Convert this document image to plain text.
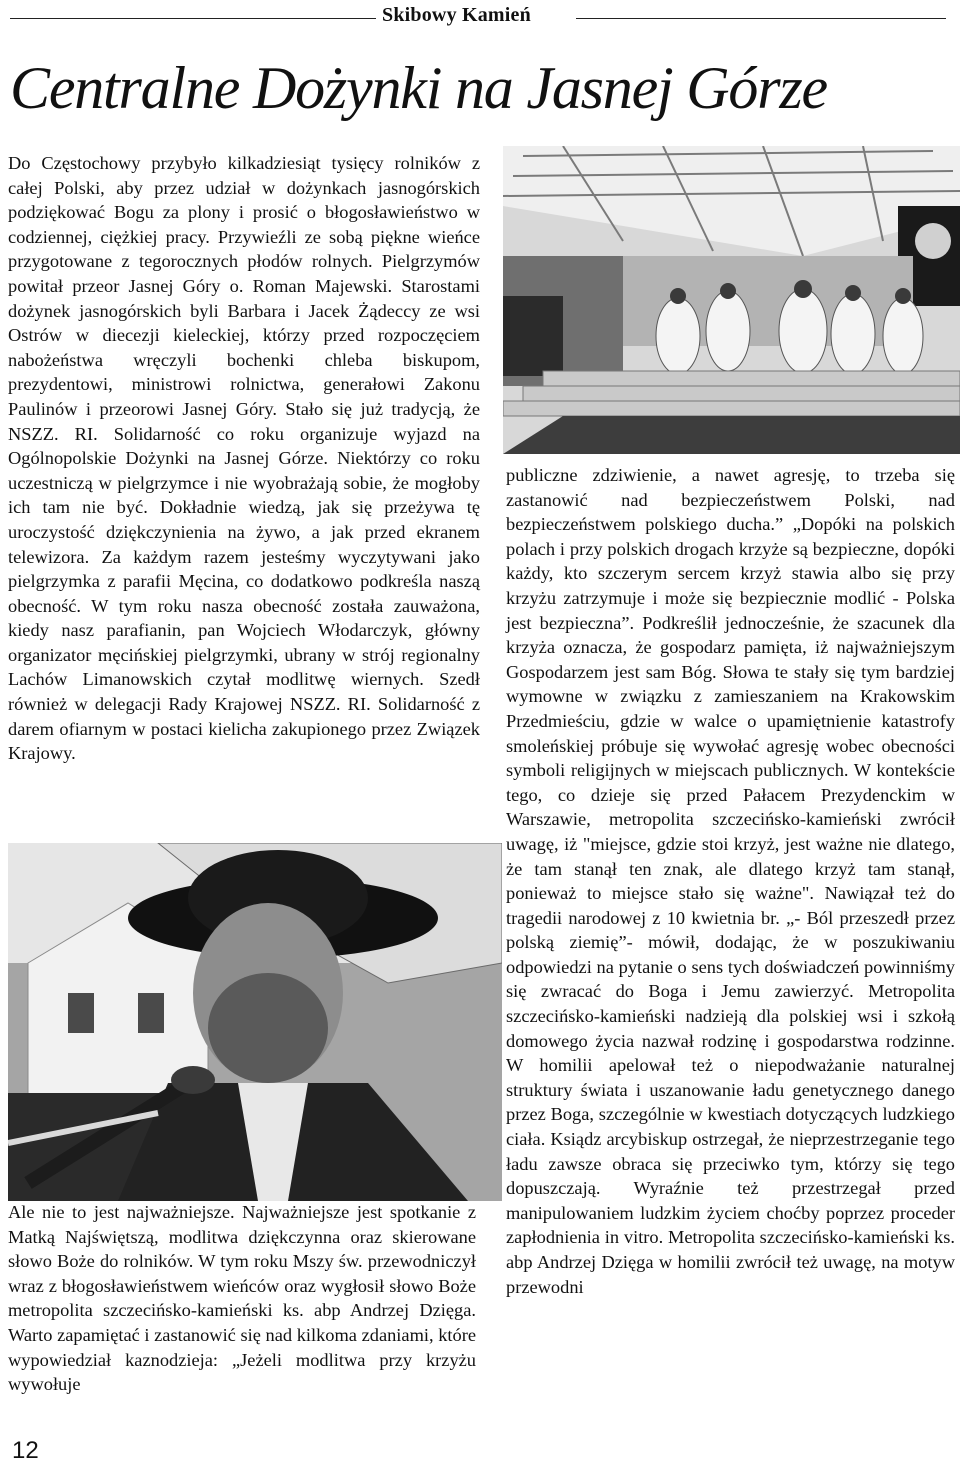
Skibowy Kamień
Centralne Dożynki na Jasnej Górze
Do Częstochowy przybyło kilkadziesiąt tysięcy rolników z całej Polski, aby przez udział w dożynkach jasnogórskich podziękować Bogu za plony i prosić o błogosławieństwo w codziennej, ciężkiej pracy. Przywieźli ze sobą piękne wieńce przygotowane z tegorocznych płodów rolnych. Pielgrzymów powitał przeor Jasnej Góry o. Roman Majewski. Starostami dożynek jasnogórskich byli Barbara i Jacek Żądeccy ze wsi Ostrów w diecezji kieleckiej, którzy przed rozpoczęciem nabożeństwa wręczyli bochenki chleba biskupom, prezydentowi, ministrowi rolnictwa, generałowi Zakonu Paulinów i przeorowi Jasnej Góry. Stało się już tradycją, że NSZZ. RI. Solidarność co roku organizuje wyjazd na Ogólnopolskie Dożynki na Jasnej Górze. Niektórzy co roku uczestniczą w pielgrzymce i nie wyobrażają sobie, że mogłoby ich tam nie być. Dokładnie wiedzą, jak się przeżywa tę uroczystość dziękczynienia na żywo, a jak przed ekranem telewizora. Za każdym razem jesteśmy wyczytywani jako pielgrzymka z parafii Męcina, co dodatkowo podkreśla naszą obecność. W tym roku nasza obecność została zauważona, kiedy nasz parafianin, pan Wojciech Włodarczyk, główny organizator męcińskiej pielgrzymki, ubrany w strój regionalny Lachów Limanowskich czytał modlitwę wiernych. Szedł również w delegacji Rady Krajowej NSZZ. RI. Solidarność z darem ofiarnym w postaci kielicha zakupionego przez Związek Krajowy.
Ale nie to jest najważniejsze. Najważniejsze jest spotkanie z Matką Najświętszą, modlitwa dziękczynna oraz skierowane słowo Boże do rolników. W tym roku Mszy św. przewodniczył wraz z błogosławieństwem wieńców oraz wygłosił słowo Boże metropolita szczecińsko-kamieński ks. abp Andrzej Dzięga. Warto zapamiętać i zastanowić się nad kilkoma zdaniami, które wypowiedział kaznodzieja: „Jeżeli modlitwa przy krzyżu wywołuje
publiczne zdziwienie, a nawet agresję, to trzeba się zastanowić nad bezpieczeństwem Polski, nad bezpieczeństwem polskiego ducha.” „Dopóki na polskich polach i przy polskich drogach krzyże są bezpieczne, dopóki każdy, kto szczerym sercem krzyż stawia albo się przy krzyżu zatrzymuje i może się bezpiecznie modlić - Polska jest bezpieczna”. Podkreślił jednocześnie, że szacunek dla krzyża oznacza, że gospodarz pamięta, iż najważniejszym Gospodarzem jest sam Bóg. Słowa te stały się tym bardziej wymowne w związku z zamieszaniem na Krakowskim Przedmieściu, gdzie w walce o upamiętnienie katastrofy smoleńskiej próbuje się wywołać agresję wobec obecności symboli religijnych w miejscach publicznych. W kontekście tego, co dzieje się przed Pałacem Prezydenckim w Warszawie, metropolita szczecińsko-kamieński zwrócił uwagę, iż "miejsce, gdzie stoi krzyż, jest ważne nie dlatego, że tam stanął ten znak, ale dlatego krzyż tam stanął, ponieważ to miejsce stało się ważne". Nawiązał też do tragedii narodowej z 10 kwietnia br. „- Ból przeszedł przez polską ziemię”- mówił, dodając, że w poszukiwaniu odpowiedzi na pytanie o sens tych doświadczeń powinniśmy się zwracać do Boga i Jemu zawierzyć. Metropolita szczecińsko-kamieński nadzieją dla polskiej wsi i szkołą domowego życia nazwał rodzinę i gospodarstwa rodzinne. W homilii apelował też o niepodważanie naturalnej struktury świata i uszanowanie ładu genetycznego danego przez Boga, szczególnie w kwestiach dotyczących ludzkiego ciała. Ksiądz arcybiskup ostrzegał, że nieprzestrzeganie tego ładu zawsze obraca się przeciwko tym, którzy się tego dopuszczają. Wyraźnie też przestrzegał przed manipulowaniem ludzkim życiem choćby poprzez proceder zapłodnienia in vitro. Metropolita szczecińsko-kamieński ks. abp Andrzej Dzięga w homilii zwrócił też uwagę, na motyw przewodni
12
